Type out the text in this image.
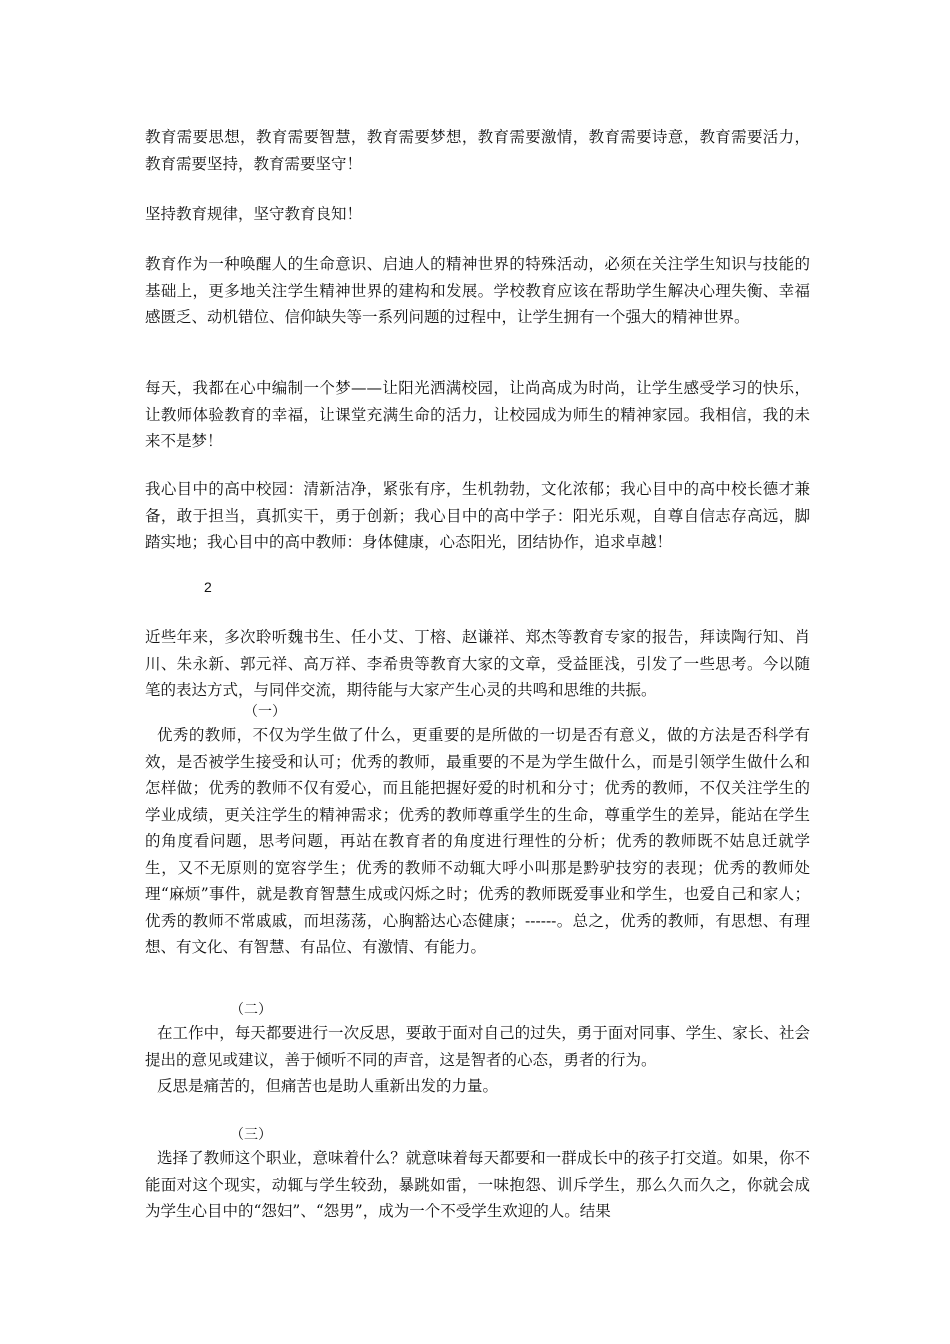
教育需要思想，教育需要智慧，教育需要梦想，教育需要激情，教育需要诗意，教育需要活力，教育需要坚持，教育需要坚守！

坚持教育规律，坚守教育良知！

教育作为一种唤醒人的生命意识、启迪人的精神世界的特殊活动，必须在关注学生知识与技能的基础上，更多地关注学生精神世界的建构和发展。学校教育应该在帮助学生解决心理失衡、幸福感匮乏、动机错位、信仰缺失等一系列问题的过程中，让学生拥有一个强大的精神世界。

每天，我都在心中编制一个梦——让阳光洒满校园，让尚高成为时尚，让学生感受学习的快乐，让教师体验教育的幸福，让课堂充满生命的活力，让校园成为师生的精神家园。我相信，我的未来不是梦！

我心目中的高中校园：清新洁净，紧张有序，生机勃勃，文化浓郁；我心目中的高中校长德才兼备，敢于担当，真抓实干，勇于创新；我心目中的高中学子：阳光乐观，自尊自信志存高远，脚踏实地；我心目中的高中教师：身体健康，心态阳光，团结协作，追求卓越！

2

近些年来，多次聆听魏书生、任小艾、丁榕、赵谦祥、郑杰等教育专家的报告，拜读陶行知、肖川、朱永新、郭元祥、高万祥、李希贵等教育大家的文章，受益匪浅，引发了一些思考。今以随笔的表达方式，与同伴交流，期待能与大家产生心灵的共鸣和思维的共振。

（一）

优秀的教师，不仅为学生做了什么，更重要的是所做的一切是否有意义，做的方法是否科学有效，是否被学生接受和认可；优秀的教师，最重要的不是为学生做什么，而是引领学生做什么和怎样做；优秀的教师不仅有爱心，而且能把握好爱的时机和分寸；优秀的教师，不仅关注学生的学业成绩，更关注学生的精神需求；优秀的教师尊重学生的生命，尊重学生的差异，能站在学生的角度看问题，思考问题，再站在教育者的角度进行理性的分析；优秀的教师既不姑息迁就学生，又不无原则的宽容学生；优秀的教师不动辄大呼小叫那是黔驴技穷的表现；优秀的教师处理“麻烦”事件，就是教育智慧生成或闪烁之时；优秀的教师既爱事业和学生，也爱自己和家人；优秀的教师不常戚戚，而坦荡荡，心胸豁达心态健康；------。总之，优秀的教师，有思想、有理想、有文化、有智慧、有品位、有激情、有能力。

（二）

在工作中，每天都要进行一次反思，要敢于面对自己的过失，勇于面对同事、学生、家长、社会提出的意见或建议，善于倾听不同的声音，这是智者的心态，勇者的行为。

反思是痛苦的，但痛苦也是助人重新出发的力量。

（三）

选择了教师这个职业，意味着什么？就意味着每天都要和一群成长中的孩子打交道。如果，你不能面对这个现实，动辄与学生较劲，暴跳如雷，一味抱怨、训斥学生，那么久而久之，你就会成为学生心目中的“怨妇”、“怨男”，成为一个不受学生欢迎的人。结果
